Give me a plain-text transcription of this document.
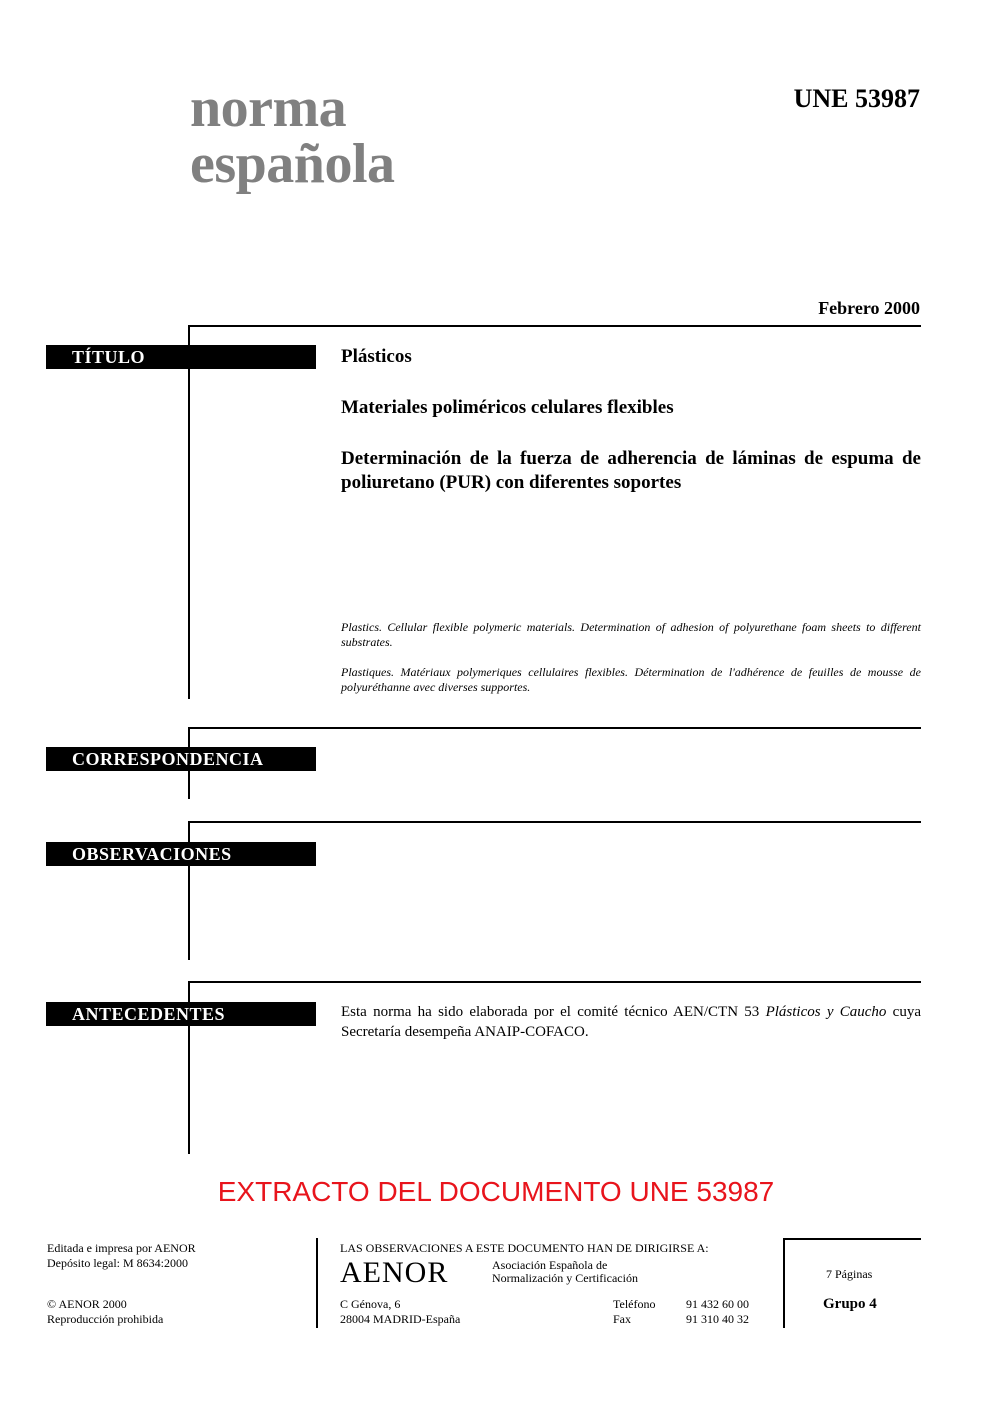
norma
española
UNE 53987
Febrero 2000
TÍTULO	Plásticos
Materiales poliméricos celulares flexibles
Determinación de la fuerza de adherencia de láminas de espuma de poliuretano (PUR) con diferentes soportes
Plastics. Cellular flexible polymeric materials. Determination of adhesion of polyurethane foam sheets to different substrates.
Plastiques. Matériaux polymeriques cellulaires flexibles. Détermination de l'adhérence de feuilles de mousse de polyuréthanne avec diverses supportes.
CORRESPONDENCIA
OBSERVACIONES
ANTECEDENTES	Esta norma ha sido elaborada por el comité técnico AEN/CTN 53 Plásticos y Caucho cuya Secretaría desempeña ANAIP-COFACO.
EXTRACTO DEL DOCUMENTO UNE 53987
Editada e impresa por AENOR
Depósito legal: M 8634:2000
© AENOR 2000
Reproducción prohibida
LAS OBSERVACIONES A ESTE DOCUMENTO HAN DE DIRIGIRSE A:
AENOR	Asociación Española de
Normalización y Certificación
C Génova, 6
28004 MADRID-España
Teléfono	91 432 60 00
Fax	91 310 40 32
7 Páginas
Grupo 4
